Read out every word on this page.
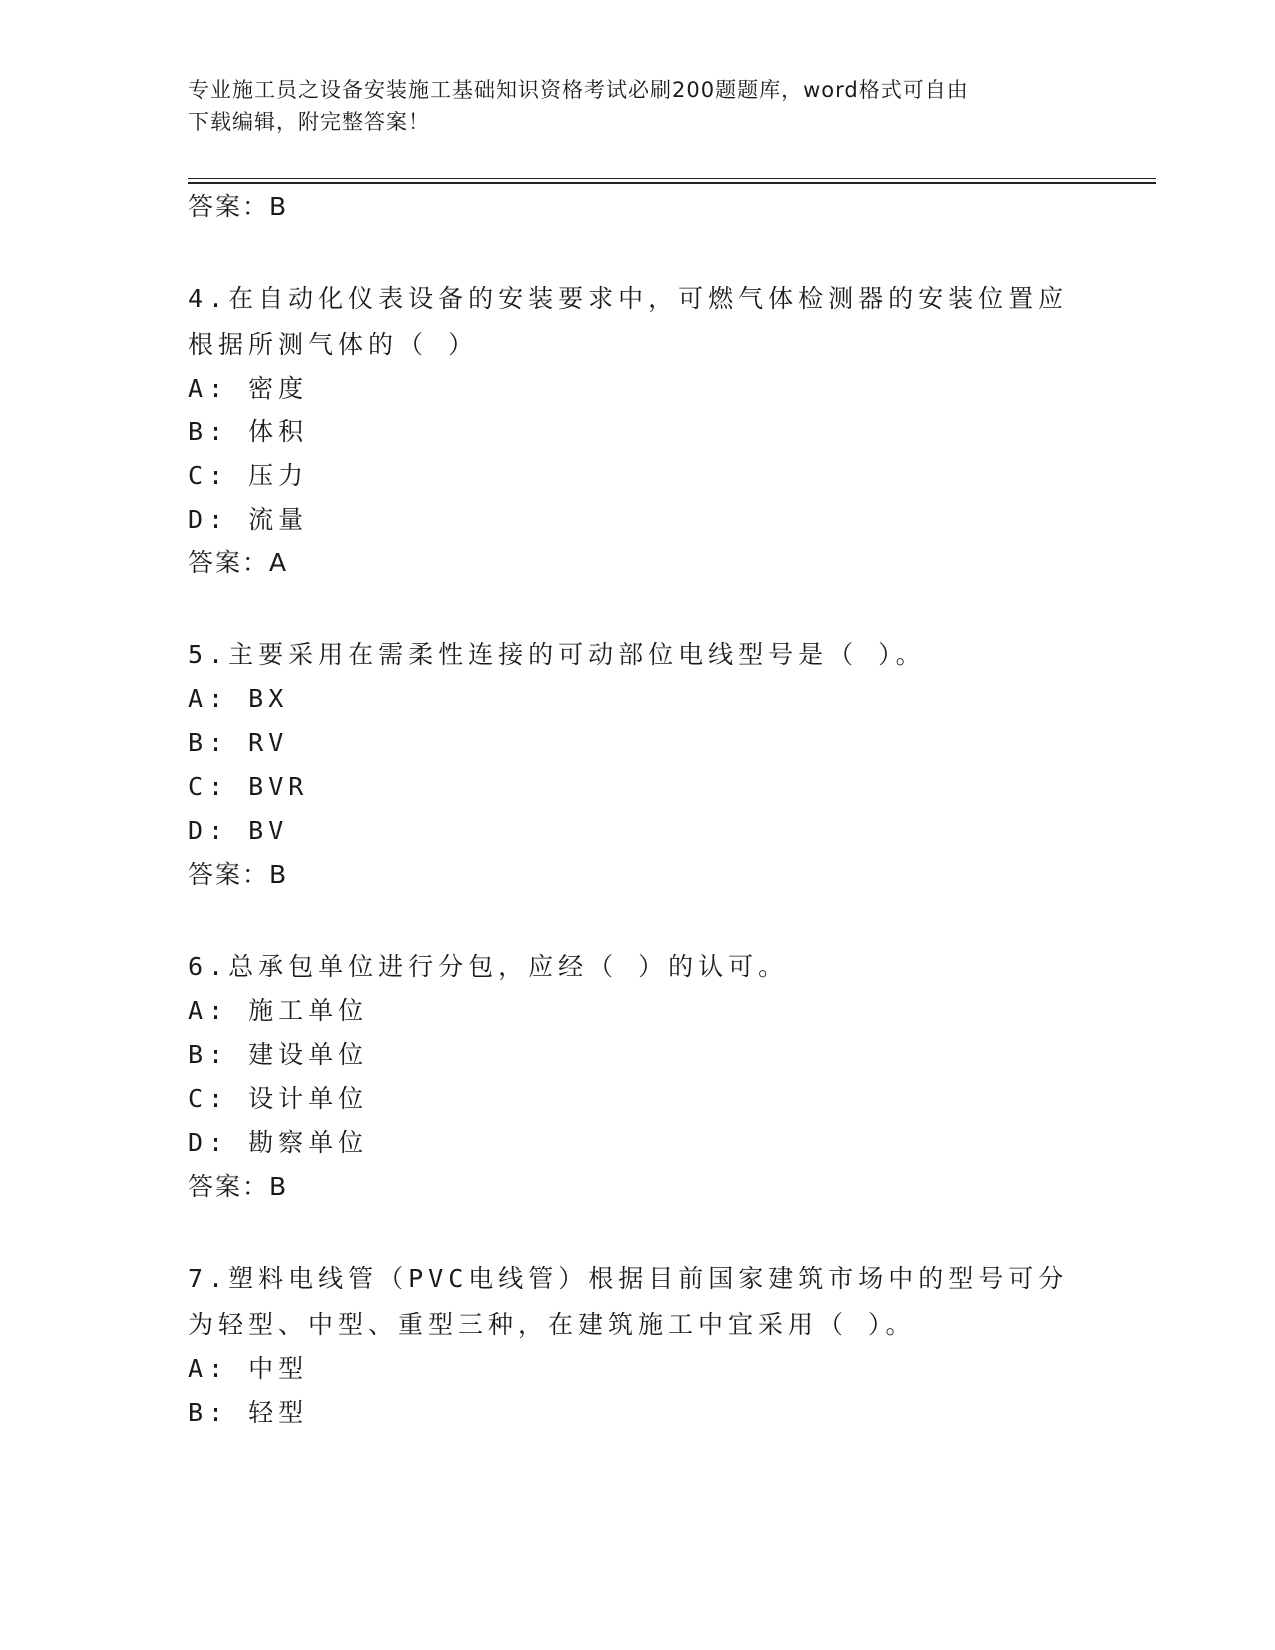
专业施工员之设备安装施工基础知识资格考试必刷200题题库，word格式可自由
下载编辑，附完整答案！
答案：B
4.在自动化仪表设备的安装要求中，可燃气体检测器的安装位置应根据所测气体的（ ）
A: 密度
B: 体积
C: 压力
D: 流量
答案：A
5.主要采用在需柔性连接的可动部位电线型号是（ ）。
A: BX
B: RV
C: BVR
D: BV
答案：B
6.总承包单位进行分包，应经（ ）的认可。
A: 施工单位
B: 建设单位
C: 设计单位
D: 勘察单位
答案：B
7.塑料电线管（PVC电线管）根据目前国家建筑市场中的型号可分为轻型、中型、重型三种，在建筑施工中宜采用（ ）。
A: 中型
B: 轻型
